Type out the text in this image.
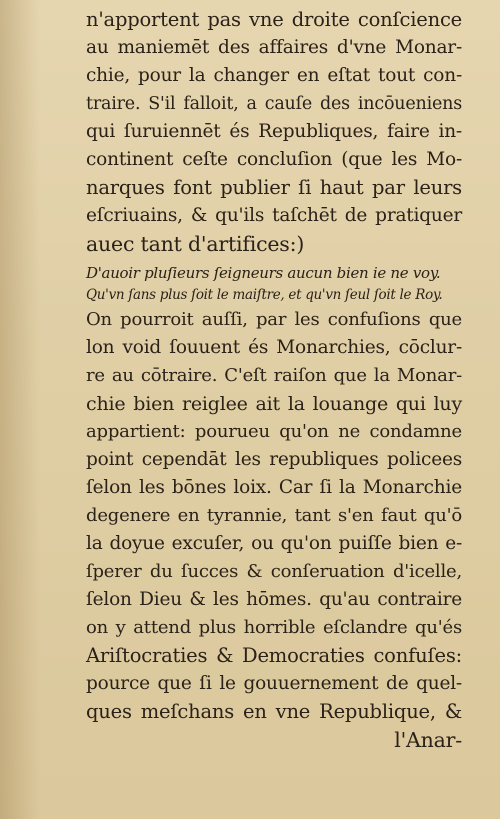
n'apportent pas vne droite conſcience
au maniemēt des affaires d'vne Monar-
chie, pour la changer en eſtat tout con-
traire. S'il falloit, a cauſe des incōueniens
qui ſuruiennēt és Republiques, faire in-
continent ceſte concluſion (que les Mo-
narques font publier ſi haut par leurs
eſcriuains, & qu'ils taſchēt de pratiquer
auec tant d'artifices:)
D'auoir pluſieurs ſeigneurs aucun bien ie ne voy.
Qu'vn ſans plus ſoit le maiſtre, et qu'vn ſeul ſoit le Roy.
On pourroit auſſi, par les confuſions que
lon void ſouuent és Monarchies, cōclur-
re au cōtraire. C'eſt raiſon que la Monar-
chie bien reiglee ait la louange qui luy
appartient: pourueu qu'on ne condamne
point cependāt les republiques policees
ſelon les bōnes loix. Car ſi la Monarchie
degenere en tyrannie, tant s'en faut qu'ō
la doyue excuſer, ou qu'on puiſſe bien e-
ſperer du ſucces & conſeruation d'icelle,
ſelon Dieu & les hōmes. qu'au contraire
on y attend plus horrible eſclandre qu'és
Ariſtocraties & Democraties confuſes:
pource que ſi le gouuernement de quel-
ques meſchans en vne Republique, &
l'Anar-
